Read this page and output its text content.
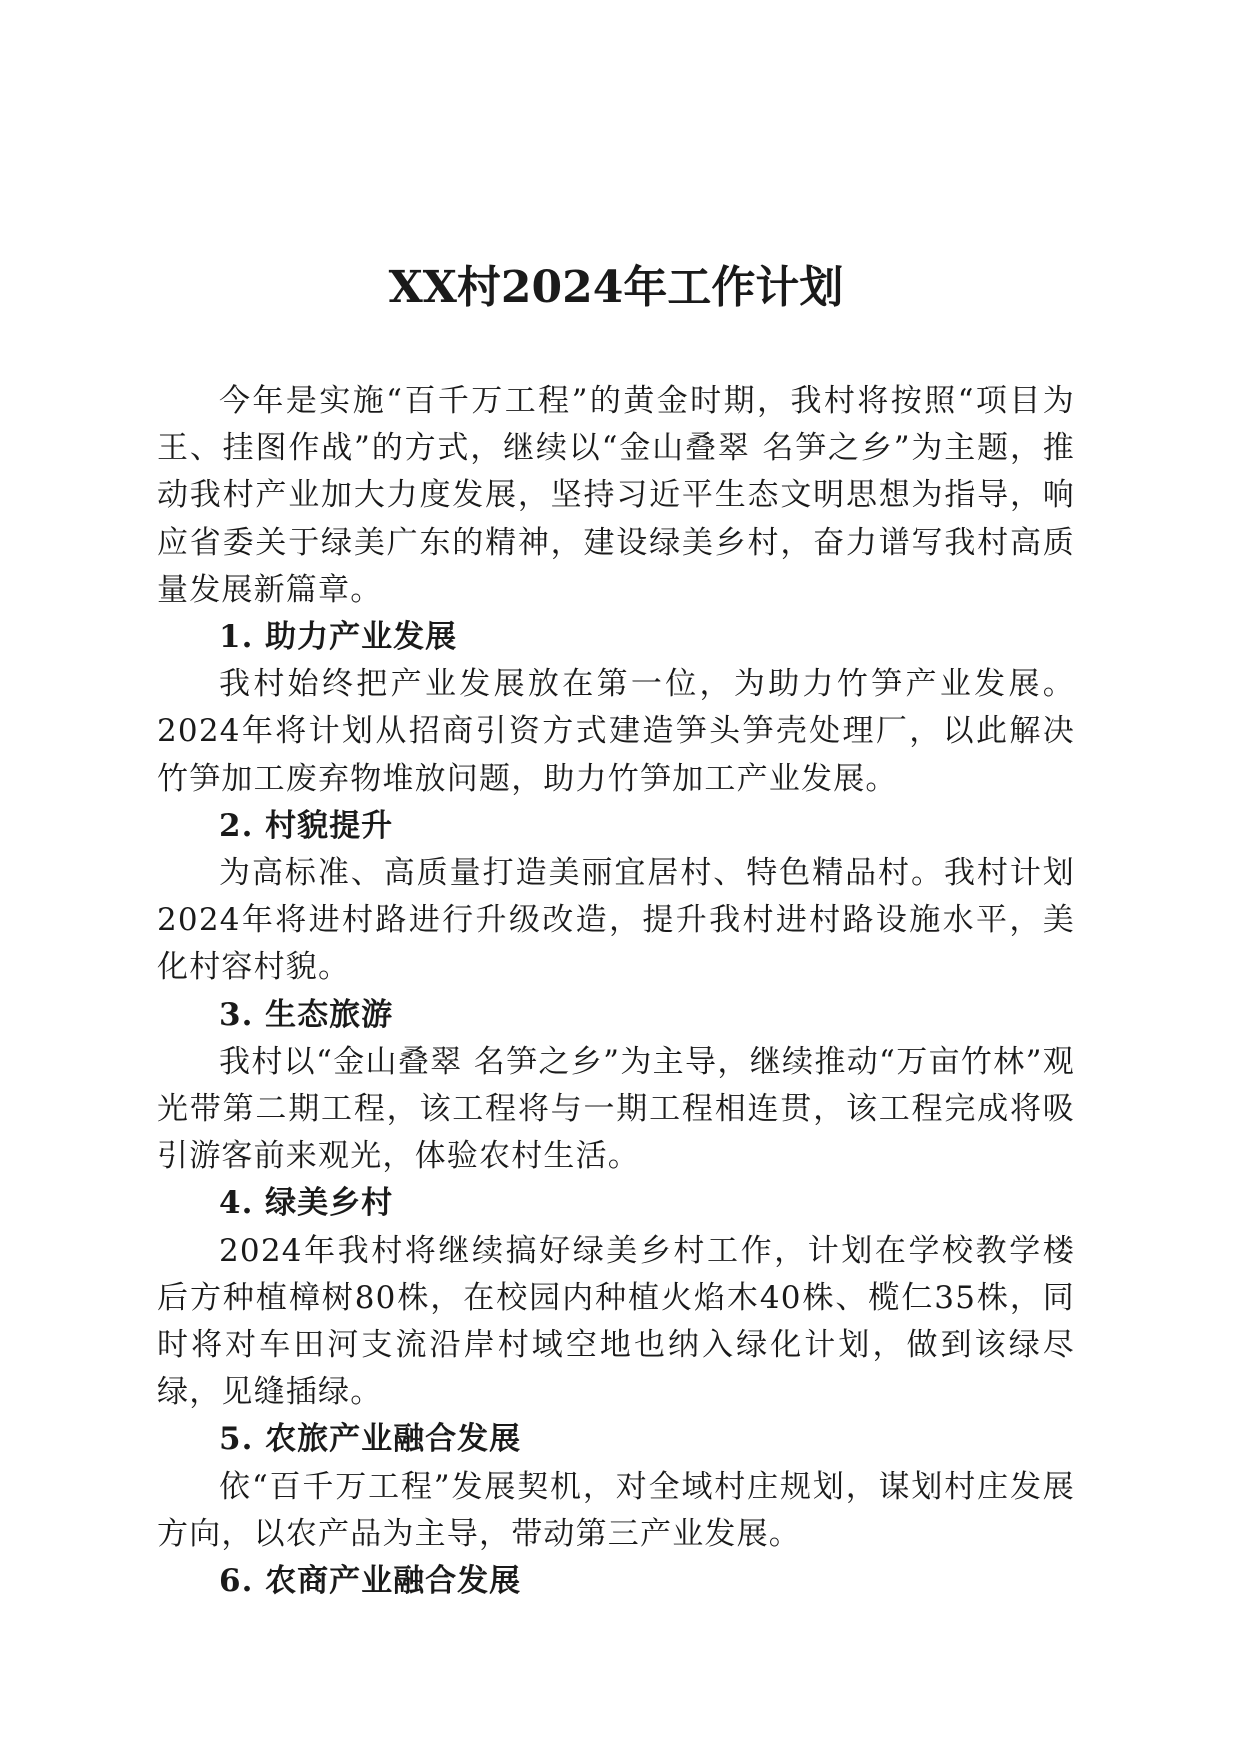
XX村2024年工作计划

今年是实施“百千万工程”的黄金时期，我村将按照“项目为王、挂图作战”的方式，继续以“金山叠翠 名笋之乡”为主题，推动我村产业加大力度发展，坚持习近平生态文明思想为指导，响应省委关于绿美广东的精神，建设绿美乡村，奋力谱写我村高质量发展新篇章。

1. 助力产业发展

我村始终把产业发展放在第一位，为助力竹笋产业发展。2024年将计划从招商引资方式建造笋头笋壳处理厂，以此解决竹笋加工废弃物堆放问题，助力竹笋加工产业发展。

2. 村貌提升

为高标准、高质量打造美丽宜居村、特色精品村。我村计划2024年将进村路进行升级改造，提升我村进村路设施水平，美化村容村貌。

3. 生态旅游

我村以“金山叠翠 名笋之乡”为主导，继续推动“万亩竹林”观光带第二期工程，该工程将与一期工程相连贯，该工程完成将吸引游客前来观光，体验农村生活。

4. 绿美乡村

2024年我村将继续搞好绿美乡村工作，计划在学校教学楼后方种植樟树80株，在校园内种植火焰木40株、榄仁35株，同时将对车田河支流沿岸村域空地也纳入绿化计划，做到该绿尽绿，见缝插绿。

5. 农旅产业融合发展

依“百千万工程”发展契机，对全域村庄规划，谋划村庄发展方向，以农产品为主导，带动第三产业发展。

6. 农商产业融合发展
